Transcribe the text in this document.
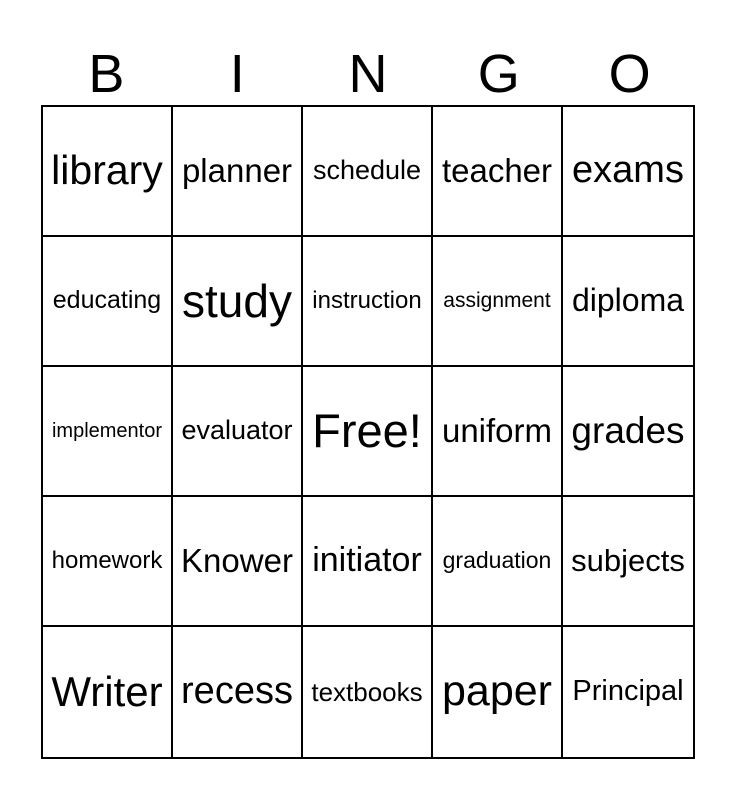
B	I	N	G	O
library planner schedule teacher exams
educating study instruction assignment diploma
implementor evaluator Free! uniform grades
homework Knower initiator graduation subjects
Writer recess textbooks paper Principal
